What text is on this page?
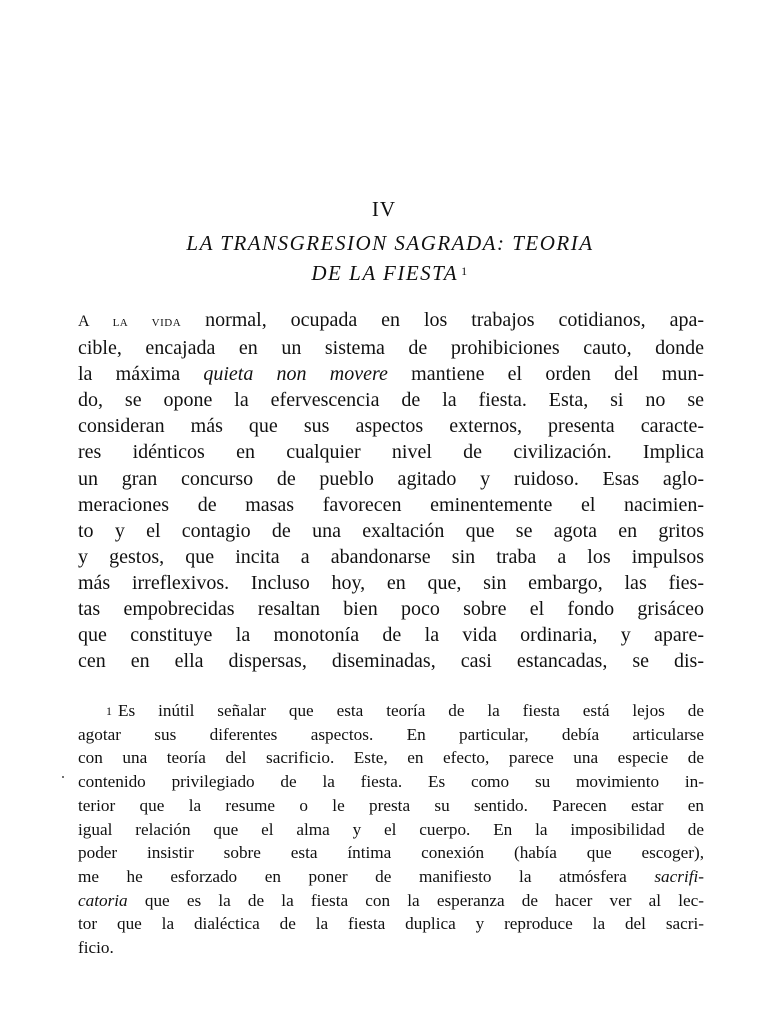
IV
LA TRANSGRESION SAGRADA: TEORIA
DE LA FIESTA $^1$
A la vida normal, ocupada en los trabajos cotidianos, apa-
cible, encajada en un sistema de prohibiciones cauto, donde
la máxima quieta non movere mantiene el orden del mun-
do, se opone la efervescencia de la fiesta. Esta, si no se
consideran más que sus aspectos externos, presenta caracte-
res idénticos en cualquier nivel de civilización. Implica
un gran concurso de pueblo agitado y ruidoso. Esas aglo-
meraciones de masas favorecen eminentemente el nacimien-
to y el contagio de una exaltación que se agota en gritos
y gestos, que incita a abandonarse sin traba a los impulsos
más irreflexivos. Incluso hoy, en que, sin embargo, las fies-
tas empobrecidas resaltan bien poco sobre el fondo grisáceo
que constituye la monotonía de la vida ordinaria, y apare-
cen en ella dispersas, diseminadas, casi estancadas, se dis-
$^1$ Es inútil señalar que esta teoría de la fiesta está lejos de
agotar sus diferentes aspectos. En particular, debía articularse
con una teoría del sacrificio. Este, en efecto, parece una especie de
contenido privilegiado de la fiesta. Es como su movimiento in-
terior que la resume o le presta su sentido. Parecen estar en
igual relación que el alma y el cuerpo. En la imposibilidad de
poder insistir sobre esta íntima conexión (había que escoger),
me he esforzado en poner de manifiesto la atmósfera sacrifi-
catoria que es la de la fiesta con la esperanza de hacer ver al lec-
tor que la dialéctica de la fiesta duplica y reproduce la del sacri-
ficio.
